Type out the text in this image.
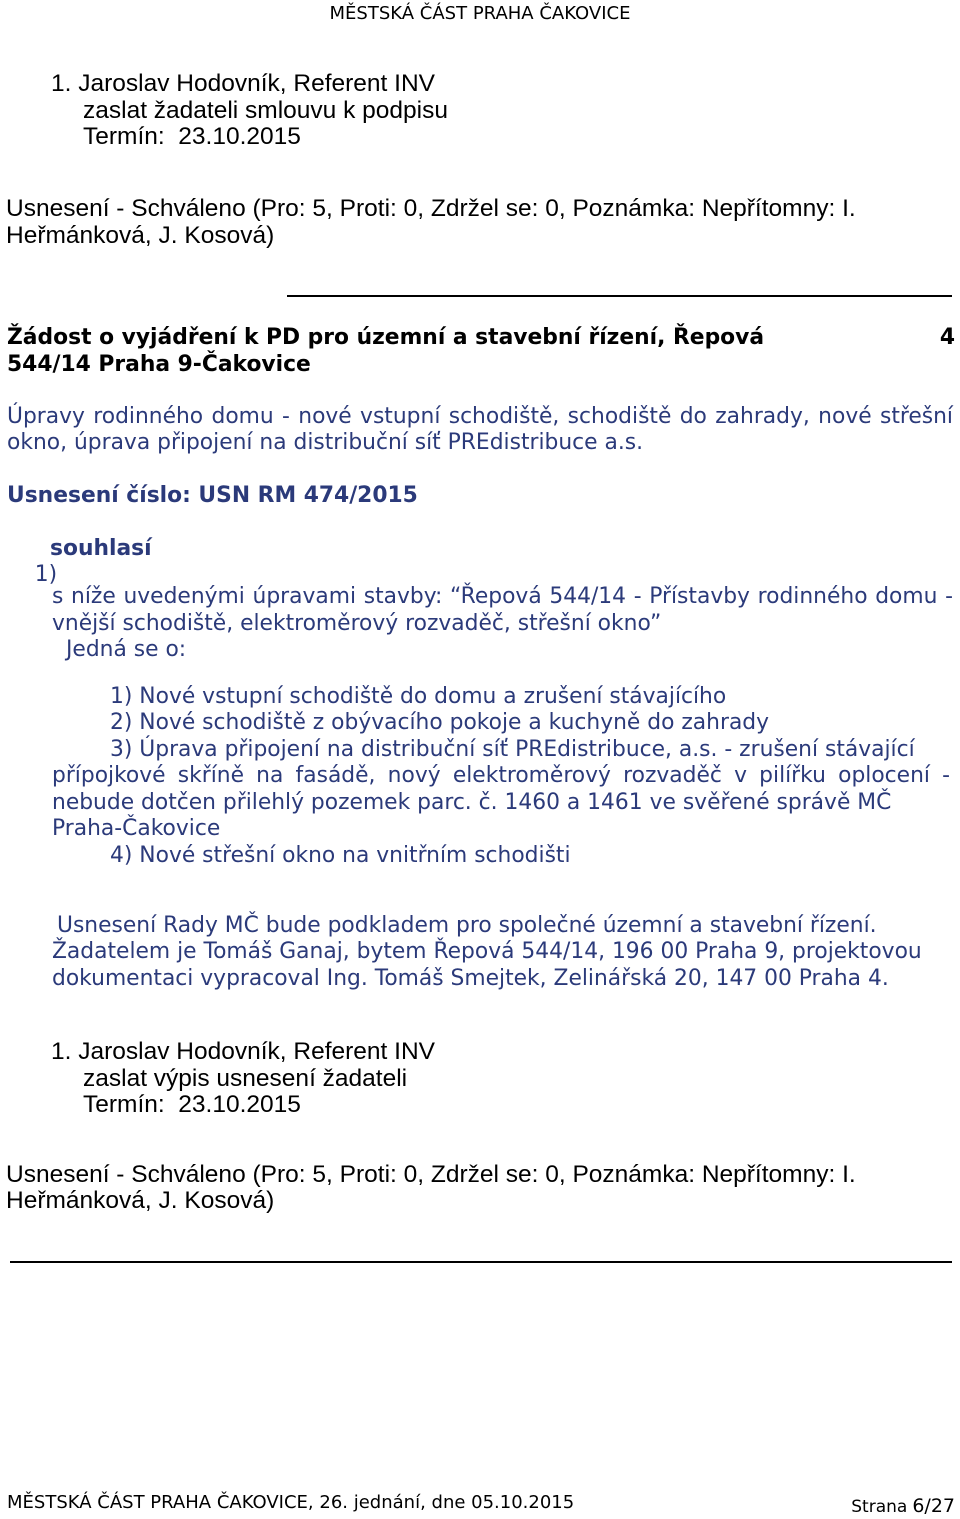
MĚSTSKÁ ČÁST PRAHA ČAKOVICE
1. Jaroslav Hodovník, Referent INV
zaslat žadateli smlouvu k podpisu
Termín:  23.10.2015
Usnesení - Schváleno (Pro: 5, Proti: 0, Zdržel se: 0, Poznámka: Nepřítomny: I.
Heřmánková, J. Kosová)
Žádost o vyjádření k PD pro územní a stavební řízení, Řepová	4
544/14 Praha 9-Čakovice
Úpravy rodinného domu - nové vstupní schodiště, schodiště do zahrady, nové střešní
okno, úprava připojení na distribuční síť PREdistribuce a.s.
Usnesení číslo: USN RM 474/2015

1)
souhlasí

s níže uvedenými úpravami stavby: “Řepová 544/14 - Přístavby rodinného domu -
vnější schodiště, elektroměrový rozvaděč, střešní okno”
Jedná se o:
1) Nové vstupní schodiště do domu a zrušení stávajícího
2) Nové schodiště z obývacího pokoje a kuchyně do zahrady
3) Úprava připojení na distribuční síť PREdistribuce, a.s. - zrušení stávající
přípojkové skříně na fasádě, nový elektroměrový rozvaděč v pilířku oplocení -
nebude dotčen přilehlý pozemek parc. č. 1460 a 1461 ve svěřené správě MČ
Praha-Čakovice
4) Nové střešní okno na vnitřním schodišti
Usnesení Rady MČ bude podkladem pro společné územní a stavební řízení.
Žadatelem je Tomáš Ganaj, bytem Řepová 544/14, 196 00 Praha 9, projektovou
dokumentaci vypracoval Ing. Tomáš Smejtek, Zelinářská 20, 147 00 Praha 4.
1. Jaroslav Hodovník, Referent INV
zaslat výpis usnesení žadateli
Termín:  23.10.2015
Usnesení - Schváleno (Pro: 5, Proti: 0, Zdržel se: 0, Poznámka: Nepřítomny: I.
Heřmánková, J. Kosová)
MĚSTSKÁ ČÁST PRAHA ČAKOVICE, 26. jednání, dne 05.10.2015	Strana 6/27
